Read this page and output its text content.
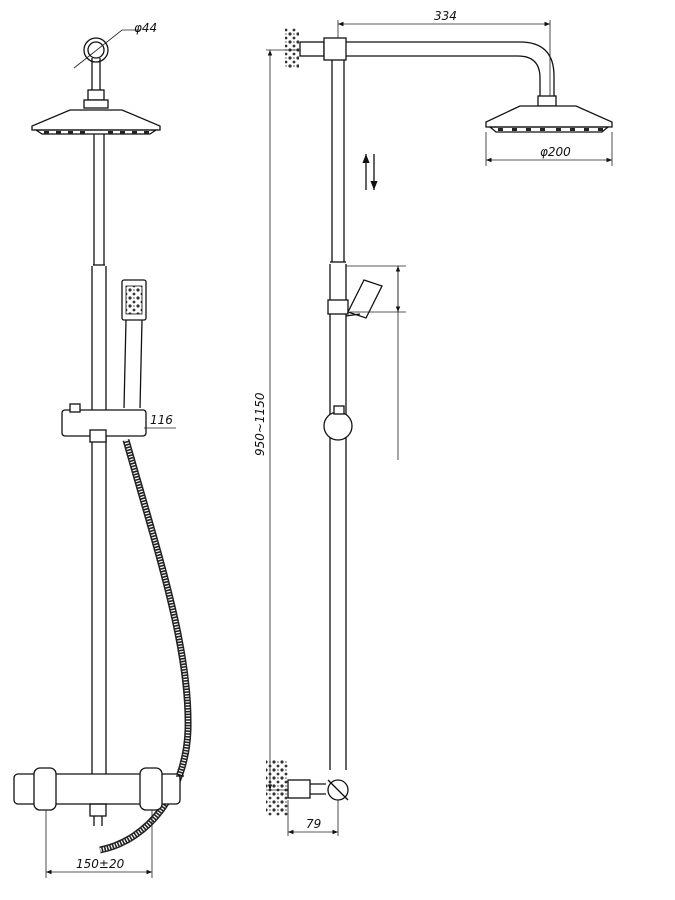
φ44
116
150±20
φ200
334
950~1150
79
